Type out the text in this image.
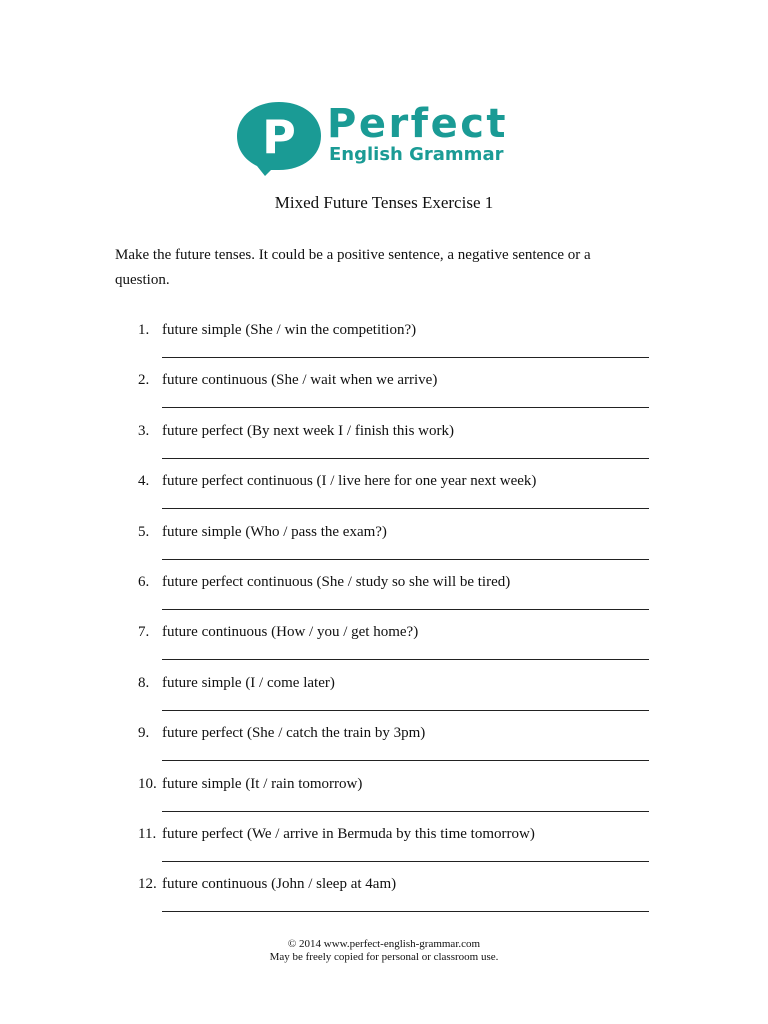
P Perfect
English Grammar
Mixed Future Tenses Exercise 1
Make the future tenses. It could be a positive sentence, a negative sentence or a question.
1. future simple (She / win the competition?)
2. future continuous (She / wait when we arrive)
3. future perfect (By next week I / finish this work)
4. future perfect continuous (I / live here for one year next week)
5. future simple (Who / pass the exam?)
6. future perfect continuous (She / study so she will be tired)
7. future continuous (How / you / get home?)
8. future simple (I / come later)
9. future perfect (She / catch the train by 3pm)
10. future simple (It / rain tomorrow)
11. future perfect (We / arrive in Bermuda by this time tomorrow)
12. future continuous (John / sleep at 4am)
© 2014 www.perfect-english-grammar.com
May be freely copied for personal or classroom use.
